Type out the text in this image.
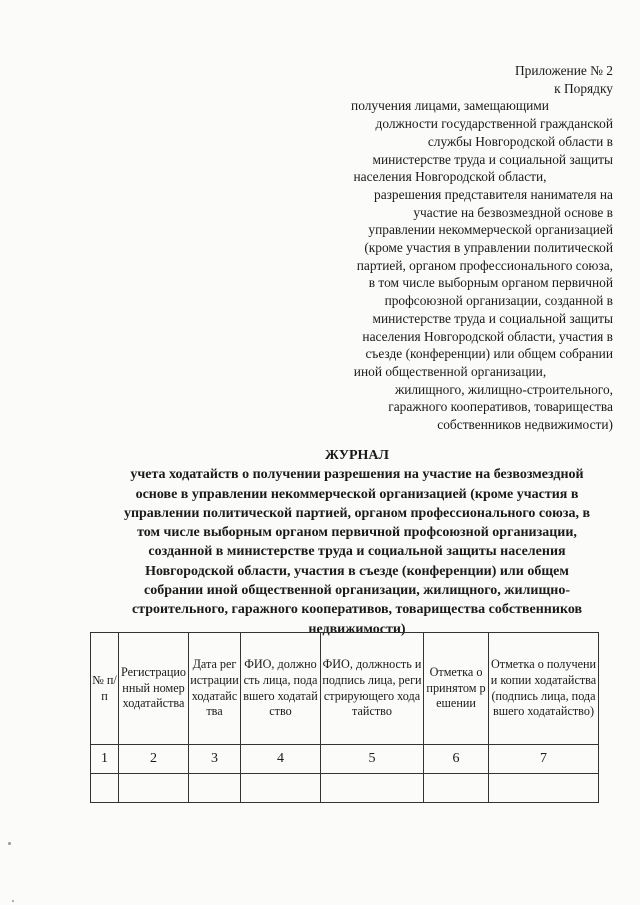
Приложение № 2
к Порядку
получения лицами, замещающими
должности государственной гражданской
службы Новгородской области в
министерстве труда и социальной защиты
населения Новгородской области,
разрешения представителя нанимателя на
участие на безвозмездной основе в
управлении некоммерческой организацией
(кроме участия в управлении политической
партией, органом профессионального союза,
в том числе выборным органом первичной
профсоюзной организации, созданной в
министерстве труда и социальной защиты
населения Новгородской области, участия в
съезде (конференции) или общем собрании
иной общественной организации,
жилищного, жилищно-строительного,
гаражного кооперативов, товарищества
собственников недвижимости)
ЖУРНАЛ
учета ходатайств о получении разрешения на участие на безвозмездной
основе в управлении некоммерческой организацией (кроме участия в
управлении политической партией, органом профессионального союза, в
том числе выборным органом первичной профсоюзной организации,
созданной в министерстве труда и социальной защиты населения
Новгородской области, участия в съезде (конференции) или общем
собрании иной общественной организации, жилищного, жилищно-
строительного, гаражного кооперативов, товарищества собственников
недвижимости)
№ п/п	Регистрационный номер ходатайства	Дата регистрации ходатайства	ФИО, должность лица, подавшего ходатайство	ФИО, должность и подпись лица, регистрирующего ходатайство	Отметка о принятом решении	Отметка о получении копии ходатайства (подпись лица, подавшего ходатайство)
1	2	3	4	5	6	7
